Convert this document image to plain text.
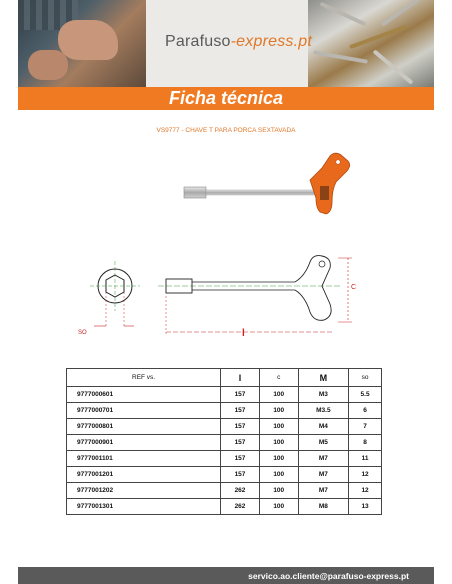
Parafuso-express.pt
Ficha técnica
VS9777 - CHAVE T PARA PORCA SEXTAVADA
SO
C
l
REF vs.	l	c	M	so
9777000601	157	100	M3	5.5
9777000701	157	100	M3.5	6
9777000801	157	100	M4	7
9777000901	157	100	M5	8
9777001101	157	100	M7	11
9777001201	157	100	M7	12
9777001202	262	100	M7	12
9777001301	262	100	M8	13
servico.ao.cliente@parafuso-express.pt
